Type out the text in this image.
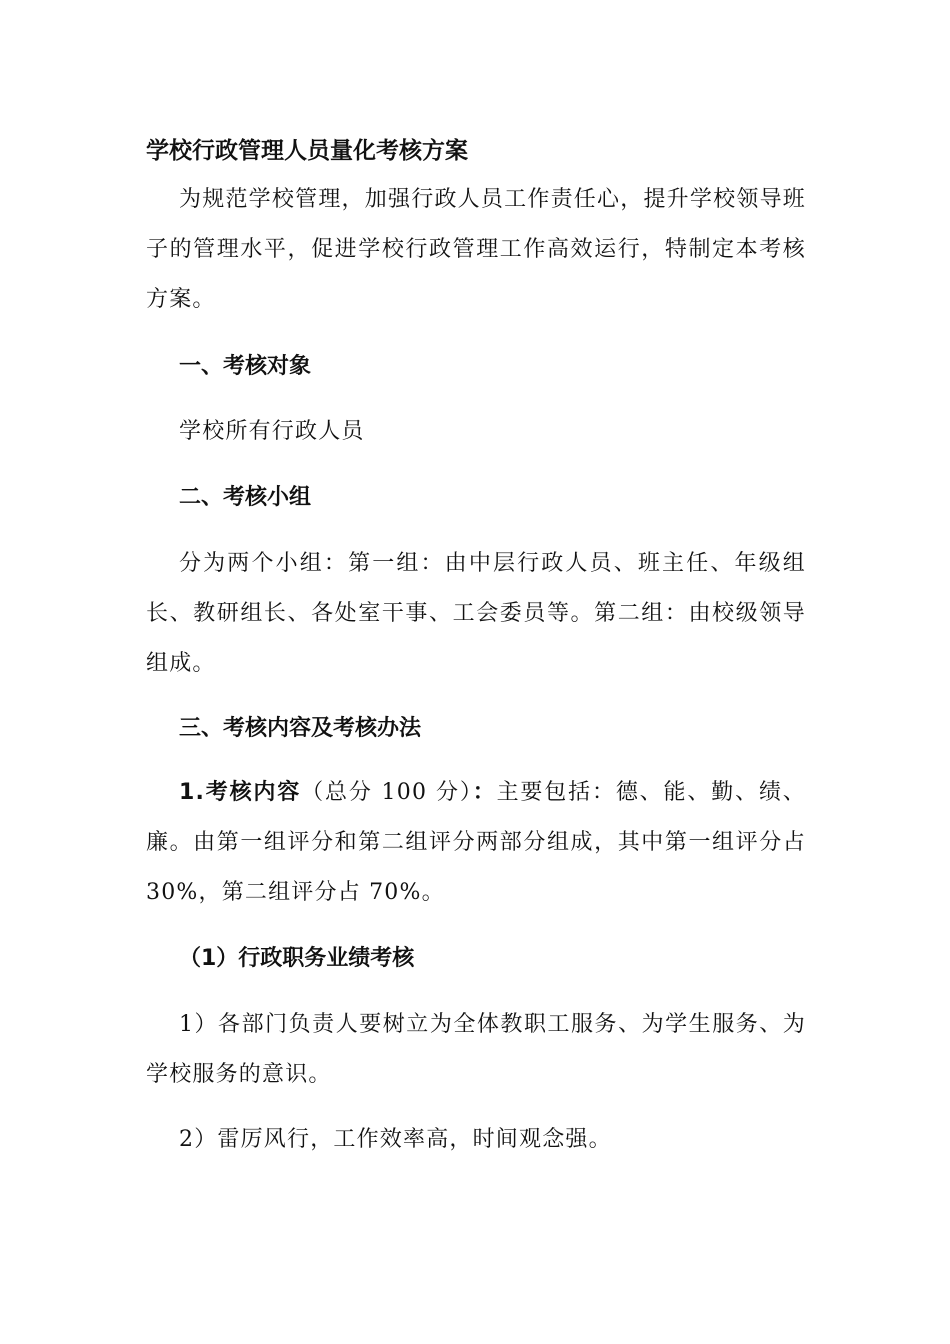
学校行政管理人员量化考核方案

为规范学校管理，加强行政人员工作责任心，提升学校领导班子的管理水平，促进学校行政管理工作高效运行，特制定本考核方案。

一、考核对象

学校所有行政人员

二、考核小组

分为两个小组：第一组：由中层行政人员、班主任、年级组长、教研组长、各处室干事、工会委员等。第二组：由校级领导组成。

三、考核内容及考核办法

1.考核内容（总分 100 分）：主要包括：德、能、勤、绩、廉。由第一组评分和第二组评分两部分组成，其中第一组评分占 30%，第二组评分占 70%。

（1）行政职务业绩考核

1）各部门负责人要树立为全体教职工服务、为学生服务、为学校服务的意识。

2）雷厉风行，工作效率高，时间观念强。
